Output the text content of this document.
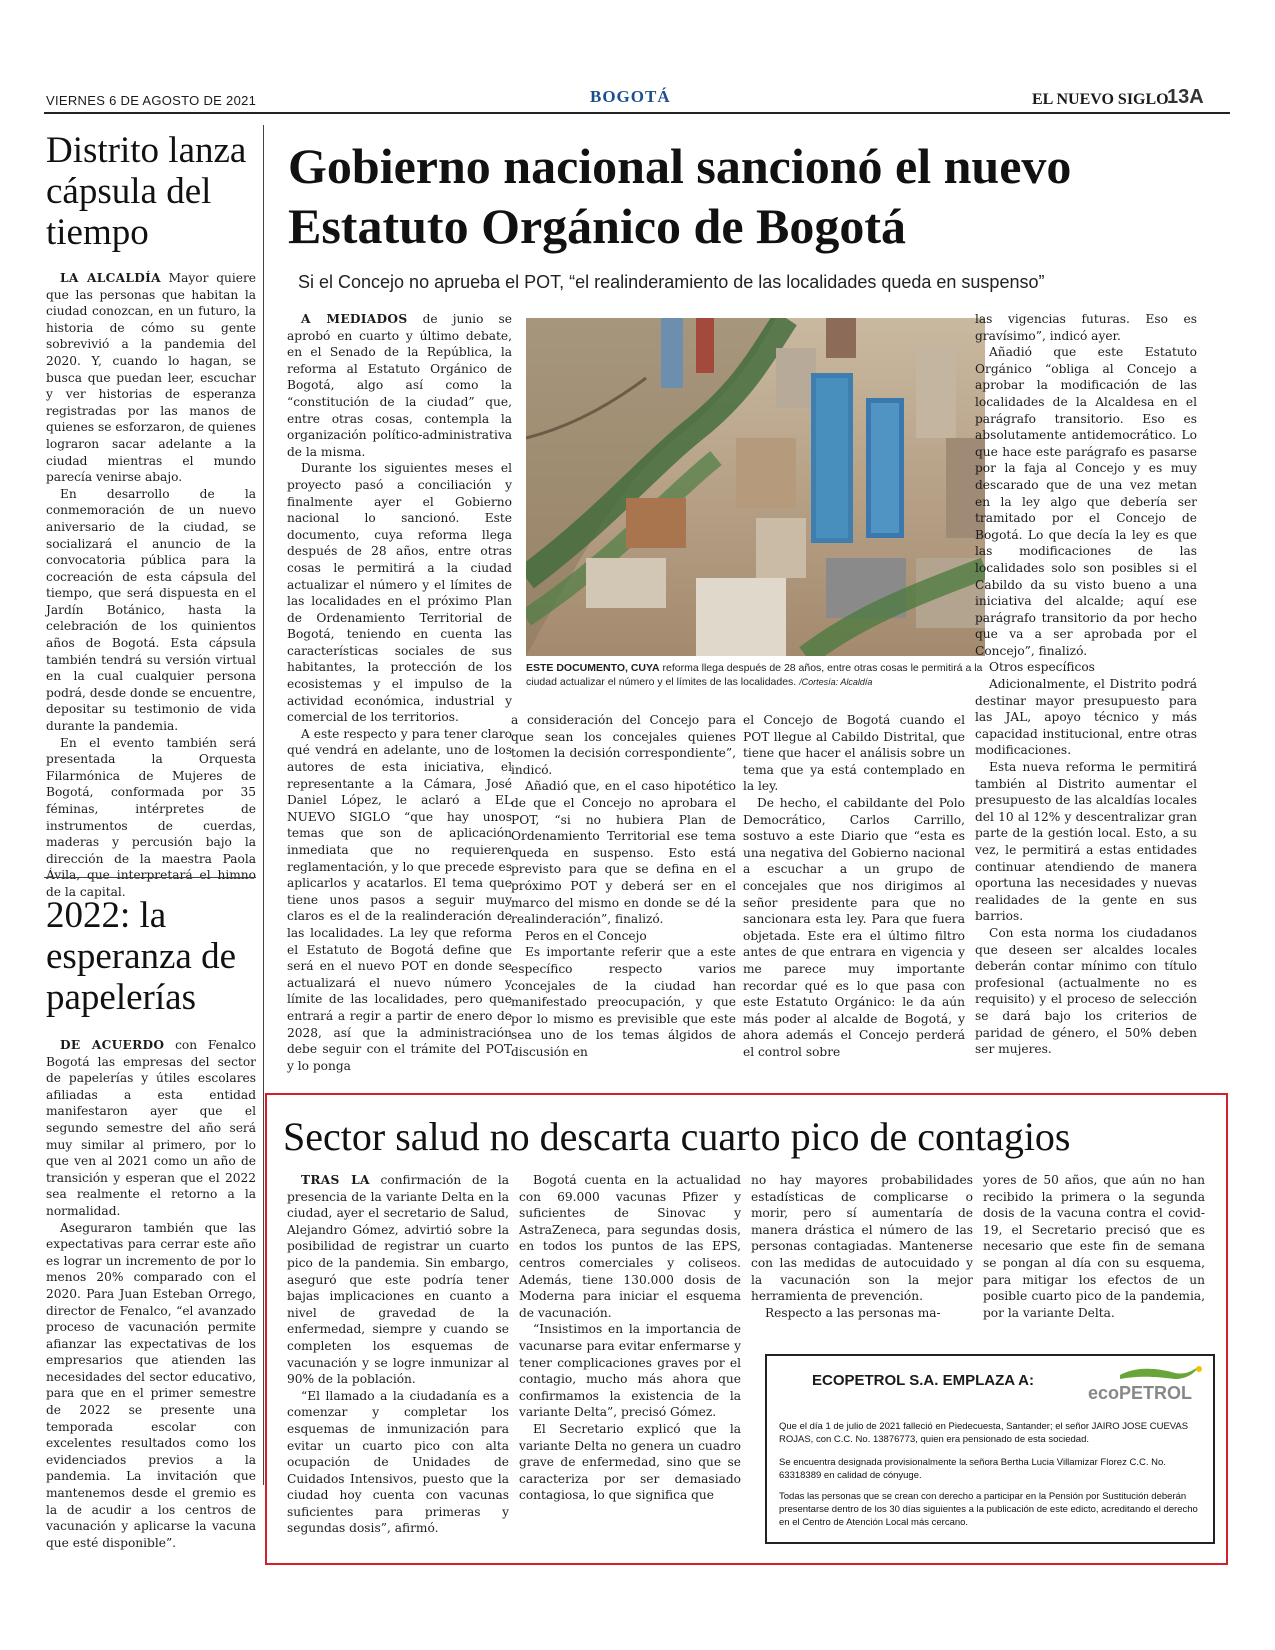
VIERNES 6 DE AGOSTO DE 2021	BOGOTÁ	EL NUEVO SIGLO
13A
Distrito lanza cápsula del tiempo

LA ALCALDÍA Mayor quiere que las personas que habitan la ciudad conozcan, en un futuro, la historia de cómo su gente sobrevivió a la pandemia del 2020. Y, cuando lo hagan, se busca que puedan leer, escuchar y ver historias de esperanza registradas por las manos de quienes se esforzaron, de quienes lograron sacar adelante a la ciudad mientras el mundo parecía venirse abajo.

En desarrollo de la conmemoración de un nuevo aniversario de la ciudad, se socializará el anuncio de la convocatoria pública para la cocreación de esta cápsula del tiempo, que será dispuesta en el Jardín Botánico, hasta la celebración de los quinientos años de Bogotá. Esta cápsula también tendrá su versión virtual en la cual cualquier persona podrá, desde donde se encuentre, depositar su testimonio de vida durante la pandemia.

En el evento también será presentada la Orquesta Filarmónica de Mujeres de Bogotá, conformada por 35 féminas, intérpretes de instrumentos de cuerdas, maderas y percusión bajo la dirección de la maestra Paola Ávila, que interpretará el himno de la capital.

2022: la esperanza de papelerías

DE ACUERDO con Fenalco Bogotá las empresas del sector de papelerías y útiles escolares afiliadas a esta entidad manifestaron ayer que el segundo semestre del año será muy similar al primero, por lo que ven al 2021 como un año de transición y esperan que el 2022 sea realmente el retorno a la normalidad.

Aseguraron también que las expectativas para cerrar este año es lograr un incremento de por lo menos 20% comparado con el 2020. Para Juan Esteban Orrego, director de Fenalco, “el avanzado proceso de vacunación permite afianzar las expectativas de los empresarios que atienden las necesidades del sector educativo, para que en el primer semestre de 2022 se presente una temporada escolar con excelentes resultados como los evidenciados previos a la pandemia. La invitación que mantenemos desde el gremio es la de acudir a los centros de vacunación y aplicarse la vacuna que esté disponible”.

Gobierno nacional sancionó el nuevo Estatuto Orgánico de Bogotá
Si el Concejo no aprueba el POT, “el realinderamiento de las localidades queda en suspenso”

A MEDIADOS de junio se aprobó en cuarto y último debate, en el Senado de la República, la reforma al Estatuto Orgánico de Bogotá, algo así como la “constitución de la ciudad” que, entre otras cosas, contempla la organización político-administrativa de la misma.

Durante los siguientes meses el proyecto pasó a conciliación y finalmente ayer el Gobierno nacional lo sancionó. Este documento, cuya reforma llega después de 28 años, entre otras cosas le permitirá a la ciudad actualizar el número y el límites de las localidades en el próximo Plan de Ordenamiento Territorial de Bogotá, teniendo en cuenta las características sociales de sus habitantes, la protección de los ecosistemas y el impulso de la actividad económica, industrial y comercial de los territorios.

A este respecto y para tener claro qué vendrá en adelante, uno de los autores de esta iniciativa, el representante a la Cámara, José Daniel López, le aclaró a EL NUEVO SIGLO “que hay unos temas que son de aplicación inmediata que no requieren reglamentación, y lo que precede es aplicarlos y acatarlos. El tema que tiene unos pasos a seguir muy claros es el de la realinderación de las localidades. La ley que reforma el Estatuto de Bogotá define que será en el nuevo POT en donde se actualizará el nuevo número y límite de las localidades, pero que entrará a regir a partir de enero de 2028, así que la administración debe seguir con el trámite del POT y lo ponga

ESTE DOCUMENTO, CUYA reforma llega después de 28 años, entre otras cosas le permitirá a la ciudad actualizar el número y el límites de las localidades. /Cortesía: Alcaldía

a consideración del Concejo para que sean los concejales quienes tomen la decisión correspondiente”, indicó.

Añadió que, en el caso hipotético de que el Concejo no aprobara el POT, “si no hubiera Plan de Ordenamiento Territorial ese tema queda en suspenso. Esto está previsto para que se defina en el próximo POT y deberá ser en el marco del mismo en donde se dé la realinderación”, finalizó.

Peros en el Concejo

Es importante referir que a este específico respecto varios concejales de la ciudad han manifestado preocupación, y que por lo mismo es previsible que este sea uno de los temas álgidos de discusión en

el Concejo de Bogotá cuando el POT llegue al Cabildo Distrital, que tiene que hacer el análisis sobre un tema que ya está contemplado en la ley.

De hecho, el cabildante del Polo Democrático, Carlos Carrillo, sostuvo a este Diario que “esta es una negativa del Gobierno nacional a escuchar a un grupo de concejales que nos dirigimos al señor presidente para que no sancionara esta ley. Para que fuera objetada. Este era el último filtro antes de que entrara en vigencia y me parece muy importante recordar qué es lo que pasa con este Estatuto Orgánico: le da aún más poder al alcalde de Bogotá, y ahora además el Concejo perderá el control sobre

las vigencias futuras. Eso es gravísimo”, indicó ayer.

Añadió que este Estatuto Orgánico “obliga al Concejo a aprobar la modificación de las localidades de la Alcaldesa en el parágrafo transitorio. Eso es absolutamente antidemocrático. Lo que hace este parágrafo es pasarse por la faja al Concejo y es muy descarado que de una vez metan en la ley algo que debería ser tramitado por el Concejo de Bogotá. Lo que decía la ley es que las modificaciones de las localidades solo son posibles si el Cabildo da su visto bueno a una iniciativa del alcalde; aquí ese parágrafo transitorio da por hecho que va a ser aprobada por el Concejo”, finalizó.

Otros específicos

Adicionalmente, el Distrito podrá destinar mayor presupuesto para las JAL, apoyo técnico y más capacidad institucional, entre otras modificaciones.

Esta nueva reforma le permitirá también al Distrito aumentar el presupuesto de las alcaldías locales del 10 al 12% y descentralizar gran parte de la gestión local. Esto, a su vez, le permitirá a estas entidades continuar atendiendo de manera oportuna las necesidades y nuevas realidades de la gente en sus barrios.

Con esta norma los ciudadanos que deseen ser alcaldes locales deberán contar mínimo con título profesional (actualmente no es requisito) y el proceso de selección se dará bajo los criterios de paridad de género, el 50% deben ser mujeres.

Sector salud no descarta cuarto pico de contagios

TRAS LA confirmación de la presencia de la variante Delta en la ciudad, ayer el secretario de Salud, Alejandro Gómez, advirtió sobre la posibilidad de registrar un cuarto pico de la pandemia. Sin embargo, aseguró que este podría tener bajas implicaciones en cuanto a nivel de gravedad de la enfermedad, siempre y cuando se completen los esquemas de vacunación y se logre inmunizar al 90% de la población.

“El llamado a la ciudadanía es a comenzar y completar los esquemas de inmunización para evitar un cuarto pico con alta ocupación de Unidades de Cuidados Intensivos, puesto que la ciudad hoy cuenta con vacunas suficientes para primeras y segundas dosis”, afirmó.

Bogotá cuenta en la actualidad con 69.000 vacunas Pfizer y suficientes de Sinovac y AstraZeneca, para segundas dosis, en todos los puntos de las EPS, centros comerciales y coliseos. Además, tiene 130.000 dosis de Moderna para iniciar el esquema de vacunación.

“Insistimos en la importancia de vacunarse para evitar enfermarse y tener complicaciones graves por el contagio, mucho más ahora que confirmamos la existencia de la variante Delta”, precisó Gómez.

El Secretario explicó que la variante Delta no genera un cuadro grave de enfermedad, sino que se caracteriza por ser demasiado contagiosa, lo que significa que

no hay mayores probabilidades estadísticas de complicarse o morir, pero sí aumentaría de manera drástica el número de las personas contagiadas. Mantenerse con las medidas de autocuidado y la vacunación son la mejor herramienta de prevención.

Respecto a las personas ma-

yores de 50 años, que aún no han recibido la primera o la segunda dosis de la vacuna contra el covid-19, el Secretario precisó que es necesario que este fin de semana se pongan al día con su esquema, para mitigar los efectos de un posible cuarto pico de la pandemia, por la variante Delta.

ECOPETROL S.A. EMPLAZA A:
ecoPETROL
Que el día 1 de julio de 2021 falleció en Piedecuesta, Santander; el señor JAIRO JOSE CUEVAS ROJAS, con C.C. No. 13876773, quien era pensionado de esta sociedad.
Se encuentra designada provisionalmente la señora Bertha Lucia Villamizar Florez C.C. No. 63318389 en calidad de cónyuge.
Todas las personas que se crean con derecho a participar en la Pensión por Sustitución deberán presentarse dentro de los 30 días siguientes a la publicación de este edicto, acreditando el derecho en el Centro de Atención Local más cercano.
